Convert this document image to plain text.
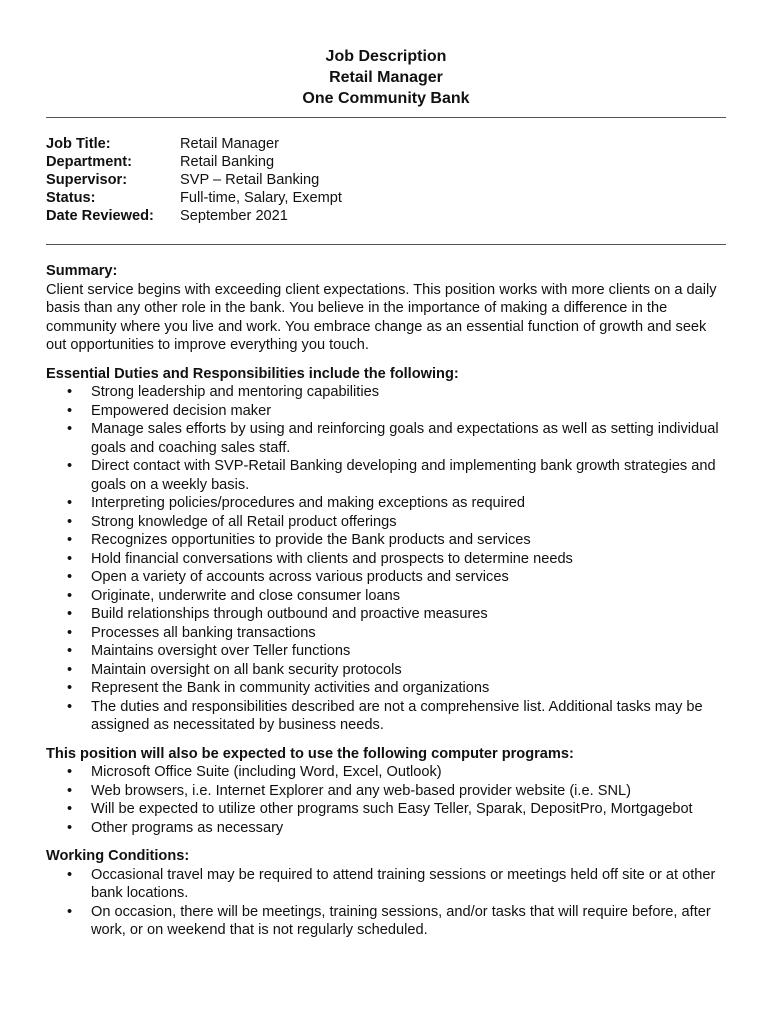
Job Description
Retail Manager
One Community Bank
Job Title:	Retail Manager
Department:	Retail Banking
Supervisor:	SVP – Retail Banking
Status:	Full-time, Salary, Exempt
Date Reviewed:	September 2021
Summary:
Client service begins with exceeding client expectations. This position works with more clients on a daily basis than any other role in the bank. You believe in the importance of making a difference in the community where you live and work. You embrace change as an essential function of growth and seek out opportunities to improve everything you touch.
Essential Duties and Responsibilities include the following:
• Strong leadership and mentoring capabilities
• Empowered decision maker
• Manage sales efforts by using and reinforcing goals and expectations as well as setting individual goals and coaching sales staff.
• Direct contact with SVP-Retail Banking developing and implementing bank growth strategies and goals on a weekly basis.
• Interpreting policies/procedures and making exceptions as required
• Strong knowledge of all Retail product offerings
• Recognizes opportunities to provide the Bank products and services
• Hold financial conversations with clients and prospects to determine needs
• Open a variety of accounts across various products and services
• Originate, underwrite and close consumer loans
• Build relationships through outbound and proactive measures
• Processes all banking transactions
• Maintains oversight over Teller functions
• Maintain oversight on all bank security protocols
• Represent the Bank in community activities and organizations
• The duties and responsibilities described are not a comprehensive list. Additional tasks may be assigned as necessitated by business needs.
This position will also be expected to use the following computer programs:
• Microsoft Office Suite (including Word, Excel, Outlook)
• Web browsers, i.e. Internet Explorer and any web-based provider website (i.e. SNL)
• Will be expected to utilize other programs such Easy Teller, Sparak, DepositPro, Mortgagebot
• Other programs as necessary
Working Conditions:
• Occasional travel may be required to attend training sessions or meetings held off site or at other bank locations.
• On occasion, there will be meetings, training sessions, and/or tasks that will require before, after work, or on weekend that is not regularly scheduled.
